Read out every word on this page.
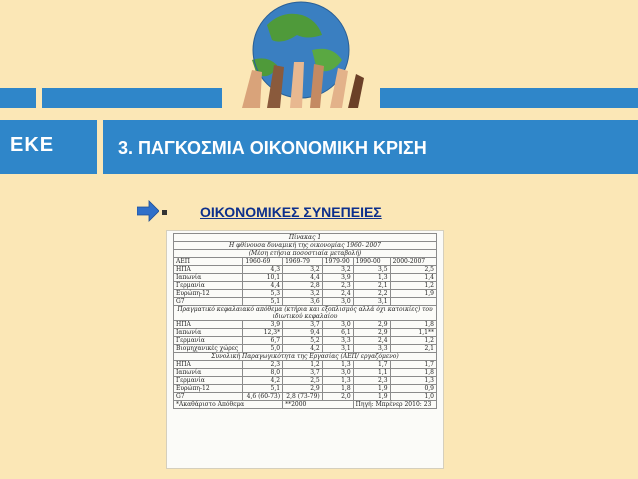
ΕΚΕ	3. ΠΑΓΚΟΣΜΙΑ ΟΙΚΟΝΟΜΙΚΗ ΚΡΙΣΗ
ΟΙΚΟΝΟΜΙΚΕΣ ΣΥΝΕΠΕΙΕΣ
Πίνακας 1					
Η φθίνουσα δυναμική της οικονομίας 1960- 2007					
(Μέση ετήσια ποσοστιαία μεταβολή)					
ΑΕΠ	1960-69	1969-79	1979-90	1990-00	2000-2007
ΗΠΑ	4,3	3,2	3,2	3,5	2,5
Ιαπωνία	10,1	4,4	3,9	1,3	1,4
Γερμανία	4,4	2,8	2,3	2,1	1,2
Ευρώπη-12	5,3	3,2	2,4	2,2	1,9
G7	5,1	3,6	3,0	3,1	
Πραγματικό κεφαλαιακό απόθεμα (κτήρια και εξοπλισμός αλλά όχι κατοικίες) του ιδιωτικού κεφαλαίου					
ΗΠΑ	3,9	3,7	3,0	2,9	1,8
Ιαπωνία	12,3*	9,4	6,1	2,9	1,1**
Γερμανία	6,7	5,2	3,3	2,4	1,2
Βιομηχανικές χώρες	5,0	4,2	3,1	3,3	2,1
Συνολική Παραγωγικότητα της Εργασίας (ΑΕΠ/ εργαζόμενο)					
ΗΠΑ	2,3	1,2	1,3	1,7	1,7
Ιαπωνία	8,0	3,7	3,0	1,1	1,8
Γερμανία	4,2	2,5	1,3	2,3	1,3
Ευρώπη-12	5,1	2,9	1,8	1,9	0,9
G7	4,6 (60-73)	2,8 (73-79)	2,0	1,9	1,0
*Ακαθάριστο Απόθεμα		**2000		Πηγή: Μπρένερ 2010: 23	
